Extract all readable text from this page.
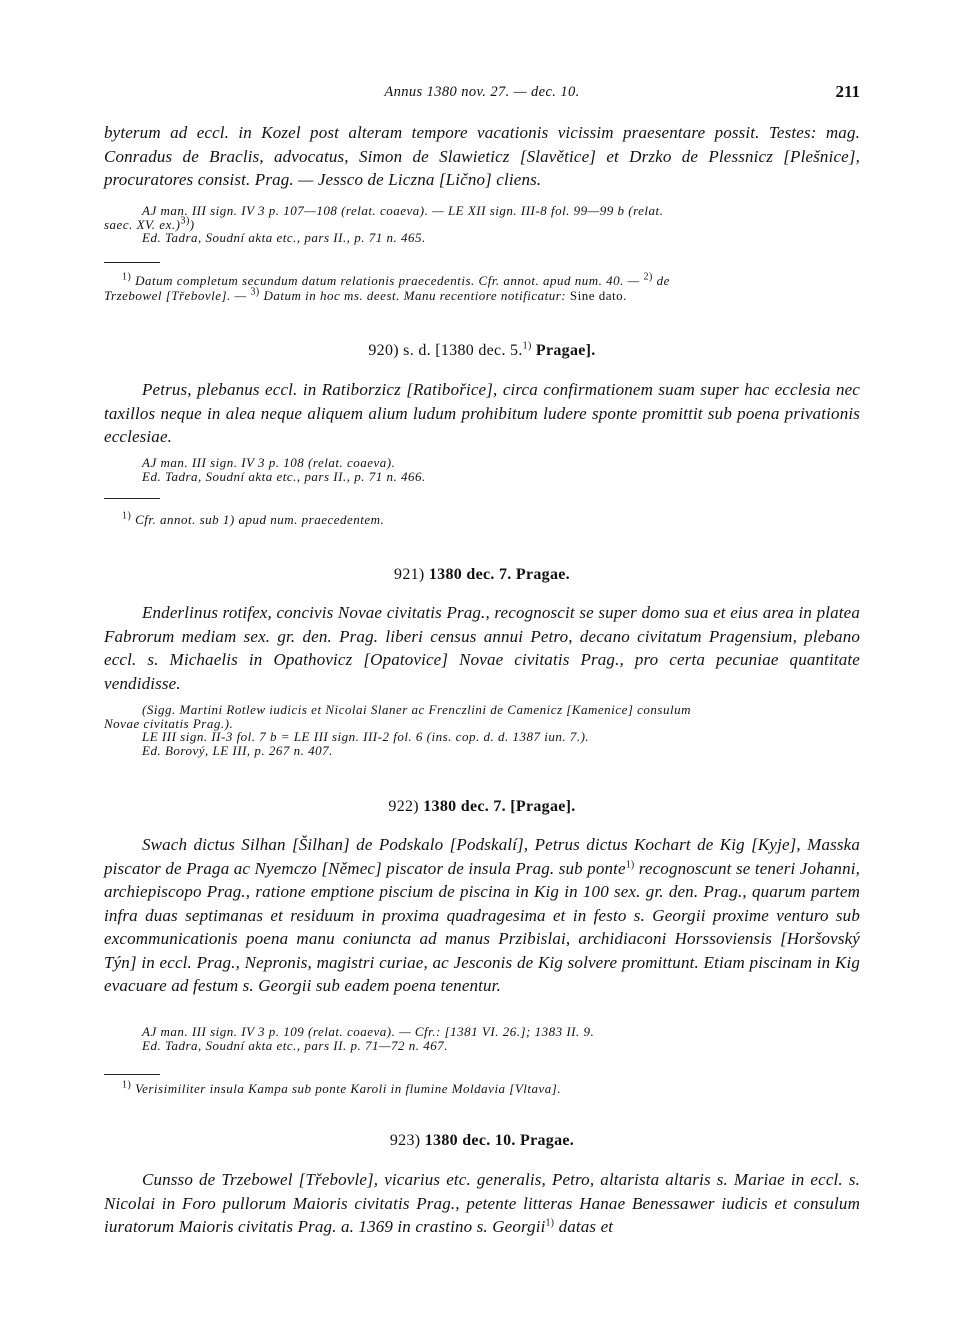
Annus 1380 nov. 27. — dec. 10.	211

byterum ad eccl. in Kozel post alteram tempore vacationis vicissim praesentare possit. Testes: mag. Conradus de Braclis, advocatus, Simon de Slawieticz [Slavětice] et Drzko de Plessnicz [Plešnice], procuratores consist. Prag. — Jessco de Liczna [Lično] cliens.

AJ man. III sign. IV 3 p. 107—108 (relat. coaeva). — LE XII sign. III-8 fol. 99—99 b (relat.
saec. XV. ex.)$^{3)}$)
Ed. Tadra, Soudní akta etc., pars II., p. 71 n. 465.

$^{1)}$ Datum completum secundum datum relationis praecedentis. Cfr. annot. apud num. 40. — $^{2)}$ de
Trzebowel [Třebovle]. — $^{3)}$ Datum in hoc ms. deest. Manu recentiore notificatur: Sine dato.

920) s. d. [1380 dec. 5.$^{1)}$ Pragae].

Petrus, plebanus eccl. in Ratiborzicz [Ratibořice], circa confirmationem suam super hac ecclesia nec taxillos neque in alea neque aliquem alium ludum prohibitum ludere sponte promittit sub poena privationis ecclesiae.

AJ man. III sign. IV 3 p. 108 (relat. coaeva).
Ed. Tadra, Soudní akta etc., pars II., p. 71 n. 466.

$^{1)}$ Cfr. annot. sub 1) apud num. praecedentem.

921) 1380 dec. 7. Pragae.

Enderlinus rotifex, concivis Novae civitatis Prag., recognoscit se super domo sua et eius area in platea Fabrorum mediam sex. gr. den. Prag. liberi census annui Petro, decano civitatum Pragensium, plebano eccl. s. Michaelis in Opathovicz [Opatovice] Novae civitatis Prag., pro certa pecuniae quantitate vendidisse.

(Sigg. Martini Rotlew iudicis et Nicolai Slaner ac Frenczlini de Camenicz [Kamenice] consulum
Novae civitatis Prag.).
LE III sign. II-3 fol. 7 b = LE III sign. III-2 fol. 6 (ins. cop. d. d. 1387 iun. 7.).
Ed. Borový, LE III, p. 267 n. 407.

922) 1380 dec. 7. [Pragae].

Swach dictus Silhan [Šilhan] de Podskalo [Podskalí], Petrus dictus Kochart de Kig [Kyje], Masska piscator de Praga ac Nyemczo [Němec] piscator de insula Prag. sub ponte$^{1)}$ recognoscunt se teneri Johanni, archiepiscopo Prag., ratione emptione piscium de piscina in Kig in 100 sex. gr. den. Prag., quarum partem infra duas septimanas et residuum in proxima quadragesima et in festo s. Georgii proxime venturo sub excommunicationis poena manu coniuncta ad manus Przibislai, archidiaconi Horssoviensis [Horšovský Týn] in eccl. Prag., Nepronis, magistri curiae, ac Jesconis de Kig solvere promittunt. Etiam piscinam in Kig evacuare ad festum s. Georgii sub eadem poena tenentur.

AJ man. III sign. IV 3 p. 109 (relat. coaeva). — Cfr.: [1381 VI. 26.]; 1383 II. 9.
Ed. Tadra, Soudní akta etc., pars II. p. 71—72 n. 467.

$^{1)}$ Verisimiliter insula Kampa sub ponte Karoli in flumine Moldavia [Vltava].

923) 1380 dec. 10. Pragae.

Cunsso de Trzebowel [Třebovle], vicarius etc. generalis, Petro, altarista altaris s. Mariae in eccl. s. Nicolai in Foro pullorum Maioris civitatis Prag., petente litteras Hanae Benessawer iudicis et consulum iuratorum Maioris civitatis Prag. a. 1369 in crastino s. Georgii$^{1)}$ datas et
